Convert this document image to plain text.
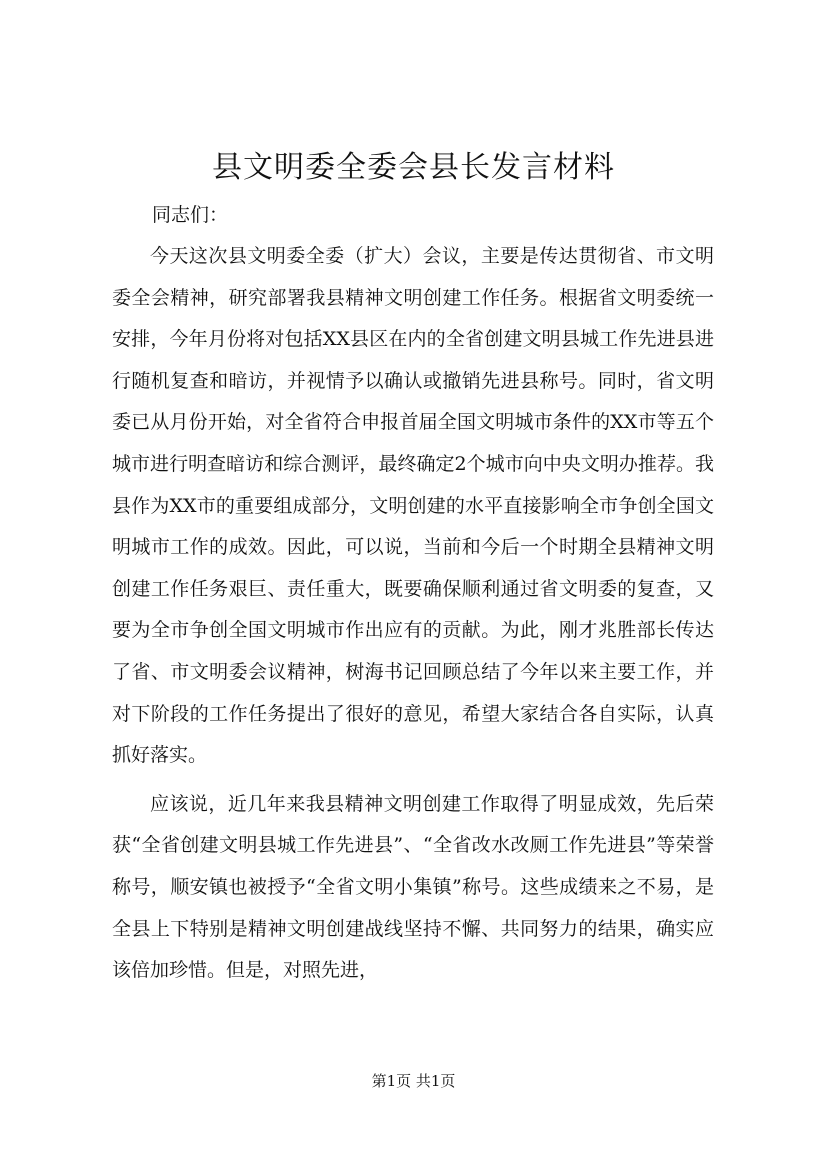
县文明委全委会县长发言材料

同志们：

今天这次县文明委全委（扩大）会议，主要是传达贯彻省、市文明委全会精神，研究部署我县精神文明创建工作任务。根据省文明委统一安排，今年月份将对包括XX县区在内的全省创建文明县城工作先进县进行随机复查和暗访，并视情予以确认或撤销先进县称号。同时，省文明委已从月份开始，对全省符合申报首届全国文明城市条件的XX市等五个城市进行明查暗访和综合测评，最终确定2个城市向中央文明办推荐。我县作为XX市的重要组成部分，文明创建的水平直接影响全市争创全国文明城市工作的成效。因此，可以说，当前和今后一个时期全县精神文明创建工作任务艰巨、责任重大，既要确保顺利通过省文明委的复查，又要为全市争创全国文明城市作出应有的贡献。为此，刚才兆胜部长传达了省、市文明委会议精神，树海书记回顾总结了今年以来主要工作，并对下阶段的工作任务提出了很好的意见，希望大家结合各自实际，认真抓好落实。

应该说，近几年来我县精神文明创建工作取得了明显成效，先后荣获“全省创建文明县城工作先进县”、“全省改水改厕工作先进县”等荣誉称号，顺安镇也被授予“全省文明小集镇”称号。这些成绩来之不易，是全县上下特别是精神文明创建战线坚持不懈、共同努力的结果，确实应该倍加珍惜。但是，对照先进，

第1页 共1页
